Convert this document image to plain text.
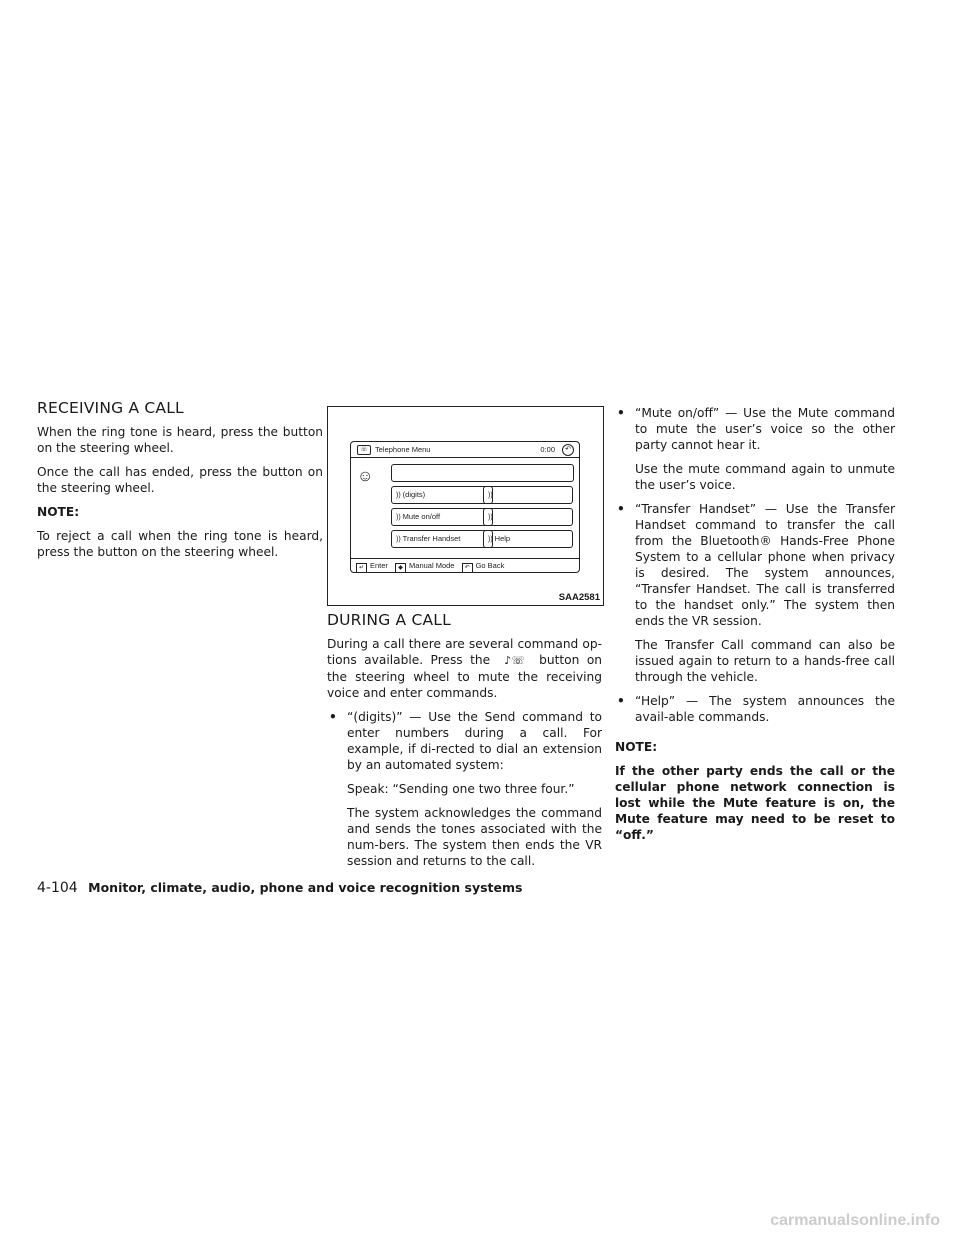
RECEIVING A CALL

When the ring tone is heard, press the button on the steering wheel.

Once the call has ended, press the button on the steering wheel.

NOTE:

To reject a call when the ring tone is heard, press the button on the steering wheel.

☏ Telephone Menu	0:00	↶
☺
)) (digits)	))
)) Mute on/off	))
)) Transfer Handset	)) Help
↵ Enter ◆ Manual Mode ↶ Go Back
SAA2581
DURING A CALL

During a call there are several command op-tions available. Press the ♪☏ button on the steering wheel to mute the receiving voice and enter commands.

• “(digits)” — Use the Send command to enter numbers during a call. For example, if di-rected to dial an extension by an automated system:
Speak: “Sending one two three four.”
The system acknowledges the command and sends the tones associated with the num-bers. The system then ends the VR session and returns to the call.
• “Mute on/off” — Use the Mute command to mute the user’s voice so the other party cannot hear it.
Use the mute command again to unmute the user’s voice.
• “Transfer Handset” — Use the Transfer Handset command to transfer the call from the Bluetooth® Hands-Free Phone System to a cellular phone when privacy is desired. The system announces, “Transfer Handset. The call is transferred to the handset only.” The system then ends the VR session.
The Transfer Call command can also be issued again to return to a hands-free call through the vehicle.
• “Help” — The system announces the avail-able commands.
NOTE:

If the other party ends the call or the cellular phone network connection is lost while the Mute feature is on, the Mute feature may need to be reset to “off.”

4-104 Monitor, climate, audio, phone and voice recognition systems
carmanualsonline.info
